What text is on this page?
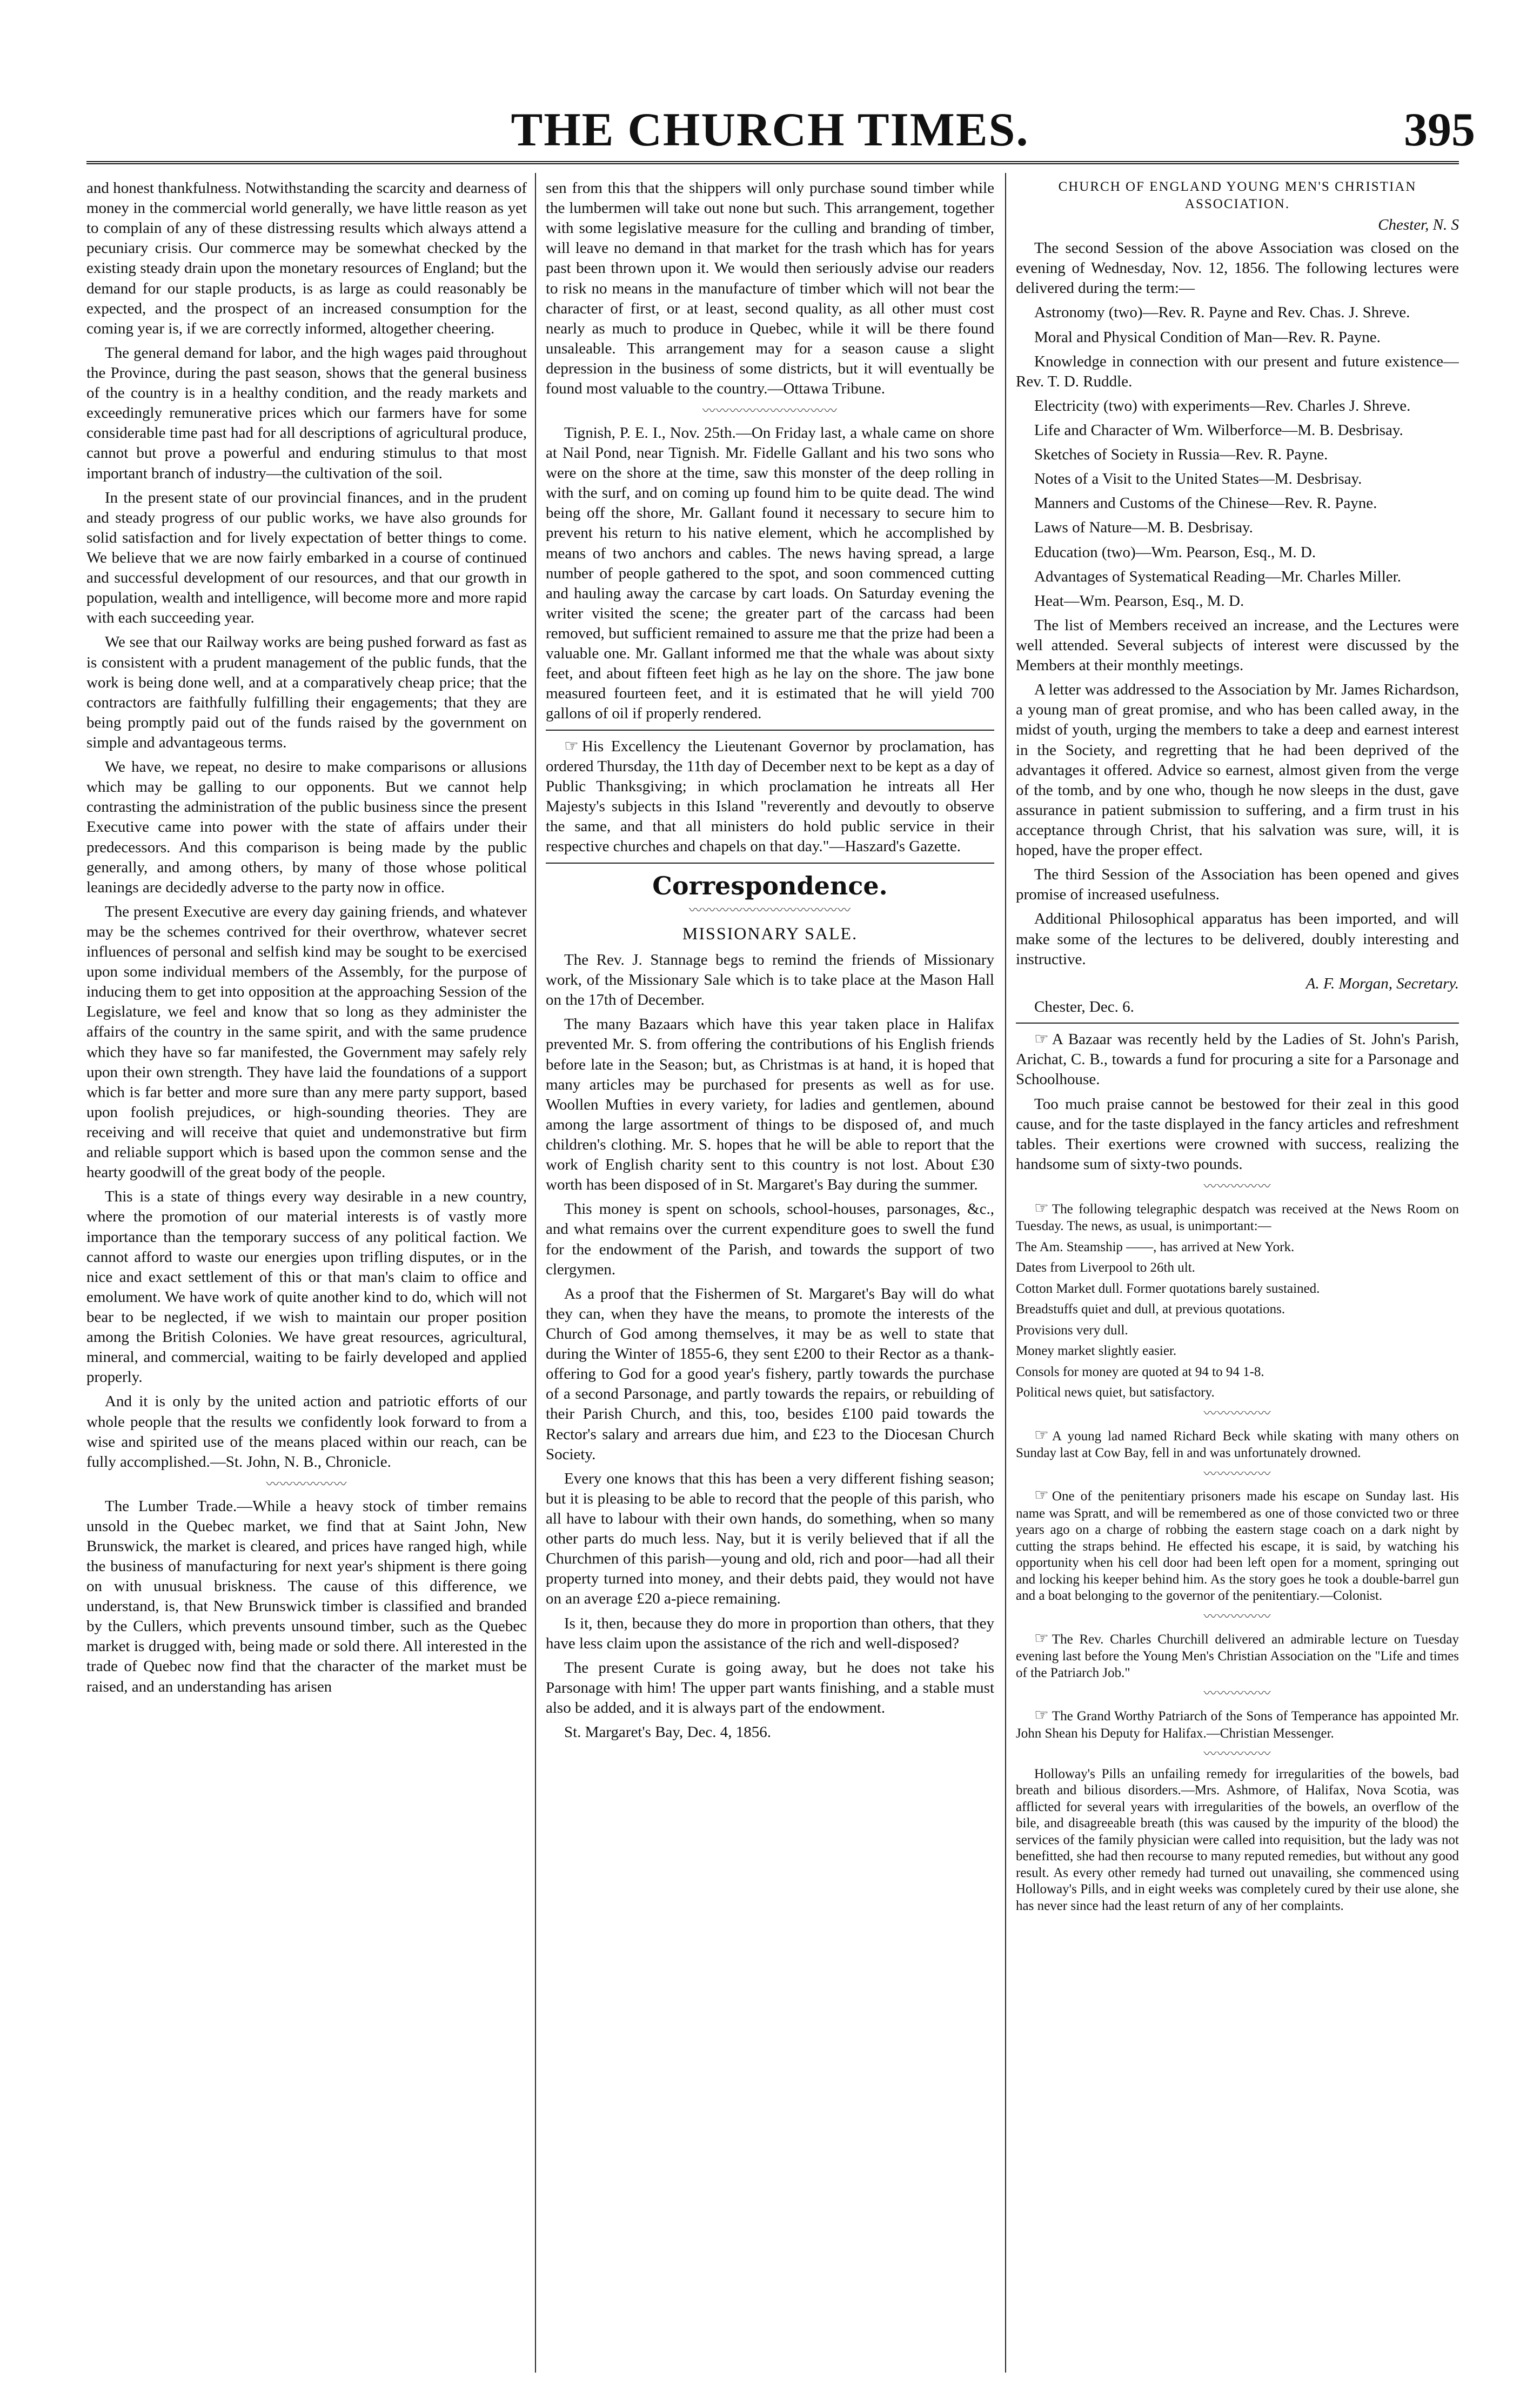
THE CHURCH TIMES.	395

and honest thankfulness. Notwithstanding the scarcity and dearness of money in the commercial world generally, we have little reason as yet to complain of any of these distressing results which always attend a pecuniary crisis. Our commerce may be somewhat checked by the existing steady drain upon the monetary resources of England; but the demand for our staple products, is as large as could reasonably be expected, and the prospect of an increased consumption for the coming year is, if we are correctly informed, altogether cheering.

The general demand for labor, and the high wages paid throughout the Province, during the past season, shows that the general business of the country is in a healthy condition, and the ready markets and exceedingly remunerative prices which our farmers have for some considerable time past had for all descriptions of agricultural produce, cannot but prove a powerful and enduring stimulus to that most important branch of industry—the cultivation of the soil.

In the present state of our provincial finances, and in the prudent and steady progress of our public works, we have also grounds for solid satisfaction and for lively expectation of better things to come. We believe that we are now fairly embarked in a course of continued and successful development of our resources, and that our growth in population, wealth and intelligence, will become more and more rapid with each succeeding year.

We see that our Railway works are being pushed forward as fast as is consistent with a prudent management of the public funds, that the work is being done well, and at a comparatively cheap price; that the contractors are faithfully fulfilling their engagements; that they are being promptly paid out of the funds raised by the government on simple and advantageous terms.

We have, we repeat, no desire to make comparisons or allusions which may be galling to our opponents. But we cannot help contrasting the administration of the public business since the present Executive came into power with the state of affairs under their predecessors. And this comparison is being made by the public generally, and among others, by many of those whose political leanings are decidedly adverse to the party now in office.

The present Executive are every day gaining friends, and whatever may be the schemes contrived for their overthrow, whatever secret influences of personal and selfish kind may be sought to be exercised upon some individual members of the Assembly, for the purpose of inducing them to get into opposition at the approaching Session of the Legislature, we feel and know that so long as they administer the affairs of the country in the same spirit, and with the same prudence which they have so far manifested, the Government may safely rely upon their own strength. They have laid the foundations of a support which is far better and more sure than any mere party support, based upon foolish prejudices, or high-sounding theories. They are receiving and will receive that quiet and undemonstrative but firm and reliable support which is based upon the common sense and the hearty goodwill of the great body of the people.

This is a state of things every way desirable in a new country, where the promotion of our material interests is of vastly more importance than the temporary success of any political faction. We cannot afford to waste our energies upon trifling disputes, or in the nice and exact settlement of this or that man's claim to office and emolument. We have work of quite another kind to do, which will not bear to be neglected, if we wish to maintain our proper position among the British Colonies. We have great resources, agricultural, mineral, and commercial, waiting to be fairly developed and applied properly.

And it is only by the united action and patriotic efforts of our whole people that the results we confidently look forward to from a wise and spirited use of the means placed within our reach, can be fully accomplished.—St. John, N. B., Chronicle.

〰〰〰〰〰〰

The Lumber Trade.—While a heavy stock of timber remains unsold in the Quebec market, we find that at Saint John, New Brunswick, the market is cleared, and prices have ranged high, while the business of manufacturing for next year's shipment is there going on with unusual briskness. The cause of this difference, we understand, is, that New Brunswick timber is classified and branded by the Cullers, which prevents unsound timber, such as the Quebec market is drugged with, being made or sold there. All interested in the trade of Quebec now find that the character of the market must be raised, and an understanding has arisen

sen from this that the shippers will only purchase sound timber while the lumbermen will take out none but such. This arrangement, together with some legislative measure for the culling and branding of timber, will leave no demand in that market for the trash which has for years past been thrown upon it. We would then seriously advise our readers to risk no means in the manufacture of timber which will not bear the character of first, or at least, second quality, as all other must cost nearly as much to produce in Quebec, while it will be there found unsaleable. This arrangement may for a season cause a slight depression in the business of some districts, but it will eventually be found most valuable to the country.—Ottawa Tribune.

〰〰〰〰〰〰〰〰〰〰

Tignish, P. E. I., Nov. 25th.—On Friday last, a whale came on shore at Nail Pond, near Tignish. Mr. Fidelle Gallant and his two sons who were on the shore at the time, saw this monster of the deep rolling in with the surf, and on coming up found him to be quite dead. The wind being off the shore, Mr. Gallant found it necessary to secure him to prevent his return to his native element, which he accomplished by means of two anchors and cables. The news having spread, a large number of people gathered to the spot, and soon commenced cutting and hauling away the carcase by cart loads. On Saturday evening the writer visited the scene; the greater part of the carcass had been removed, but sufficient remained to assure me that the prize had been a valuable one. Mr. Gallant informed me that the whale was about sixty feet, and about fifteen feet high as he lay on the shore. The jaw bone measured fourteen feet, and it is estimated that he will yield 700 gallons of oil if properly rendered.

☞ His Excellency the Lieutenant Governor by proclamation, has ordered Thursday, the 11th day of December next to be kept as a day of Public Thanksgiving; in which proclamation he intreats all Her Majesty's subjects in this Island "reverently and devoutly to observe the same, and that all ministers do hold public service in their respective churches and chapels on that day."—Haszard's Gazette.

Correspondence.
〰〰〰〰〰〰〰〰〰〰〰〰
MISSIONARY SALE.

The Rev. J. Stannage begs to remind the friends of Missionary work, of the Missionary Sale which is to take place at the Mason Hall on the 17th of December.

The many Bazaars which have this year taken place in Halifax prevented Mr. S. from offering the contributions of his English friends before late in the Season; but, as Christmas is at hand, it is hoped that many articles may be purchased for presents as well as for use. Woollen Mufties in every variety, for ladies and gentlemen, abound among the large assortment of things to be disposed of, and much children's clothing. Mr. S. hopes that he will be able to report that the work of English charity sent to this country is not lost. About £30 worth has been disposed of in St. Margaret's Bay during the summer.

This money is spent on schools, school-houses, parsonages, &c., and what remains over the current expenditure goes to swell the fund for the endowment of the Parish, and towards the support of two clergymen.

As a proof that the Fishermen of St. Margaret's Bay will do what they can, when they have the means, to promote the interests of the Church of God among themselves, it may be as well to state that during the Winter of 1855-6, they sent £200 to their Rector as a thank-offering to God for a good year's fishery, partly towards the purchase of a second Parsonage, and partly towards the repairs, or rebuilding of their Parish Church, and this, too, besides £100 paid towards the Rector's salary and arrears due him, and £23 to the Diocesan Church Society.

Every one knows that this has been a very different fishing season; but it is pleasing to be able to record that the people of this parish, who all have to labour with their own hands, do something, when so many other parts do much less. Nay, but it is verily believed that if all the Churchmen of this parish—young and old, rich and poor—had all their property turned into money, and their debts paid, they would not have on an average £20 a-piece remaining.

Is it, then, because they do more in proportion than others, that they have less claim upon the assistance of the rich and well-disposed?

The present Curate is going away, but he does not take his Parsonage with him! The upper part wants finishing, and a stable must also be added, and it is always part of the endowment.

St. Margaret's Bay, Dec. 4, 1856.

CHURCH OF ENGLAND YOUNG MEN'S CHRISTIAN
ASSOCIATION.
Chester, N. S

The second Session of the above Association was closed on the evening of Wednesday, Nov. 12, 1856. The following lectures were delivered during the term:—

Astronomy (two)—Rev. R. Payne and Rev. Chas. J. Shreve.

Moral and Physical Condition of Man—Rev. R. Payne.

Knowledge in connection with our present and future existence—Rev. T. D. Ruddle.

Electricity (two) with experiments—Rev. Charles J. Shreve.

Life and Character of Wm. Wilberforce—M. B. Desbrisay.

Sketches of Society in Russia—Rev. R. Payne.

Notes of a Visit to the United States—M. Desbrisay.

Manners and Customs of the Chinese—Rev. R. Payne.

Laws of Nature—M. B. Desbrisay.

Education (two)—Wm. Pearson, Esq., M. D.

Advantages of Systematical Reading—Mr. Charles Miller.

Heat—Wm. Pearson, Esq., M. D.

The list of Members received an increase, and the Lectures were well attended. Several subjects of interest were discussed by the Members at their monthly meetings.

A letter was addressed to the Association by Mr. James Richardson, a young man of great promise, and who has been called away, in the midst of youth, urging the members to take a deep and earnest interest in the Society, and regretting that he had been deprived of the advantages it offered. Advice so earnest, almost given from the verge of the tomb, and by one who, though he now sleeps in the dust, gave assurance in patient submission to suffering, and a firm trust in his acceptance through Christ, that his salvation was sure, will, it is hoped, have the proper effect.

The third Session of the Association has been opened and gives promise of increased usefulness.

Additional Philosophical apparatus has been imported, and will make some of the lectures to be delivered, doubly interesting and instructive.

A. F. Morgan, Secretary.

Chester, Dec. 6.

☞ A Bazaar was recently held by the Ladies of St. John's Parish, Arichat, C. B., towards a fund for procuring a site for a Parsonage and Schoolhouse.

Too much praise cannot be bestowed for their zeal in this good cause, and for the taste displayed in the fancy articles and refreshment tables. Their exertions were crowned with success, realizing the handsome sum of sixty-two pounds.

〰〰〰〰〰

☞ The following telegraphic despatch was received at the News Room on Tuesday. The news, as usual, is unimportant:—

The Am. Steamship ——, has arrived at New York.

Dates from Liverpool to 26th ult.

Cotton Market dull. Former quotations barely sustained.

Breadstuffs quiet and dull, at previous quotations.

Provisions very dull.

Money market slightly easier.

Consols for money are quoted at 94 to 94 1-8.

Political news quiet, but satisfactory.

〰〰〰〰〰

☞ A young lad named Richard Beck while skating with many others on Sunday last at Cow Bay, fell in and was unfortunately drowned.

〰〰〰〰〰

☞ One of the penitentiary prisoners made his escape on Sunday last. His name was Spratt, and will be remembered as one of those convicted two or three years ago on a charge of robbing the eastern stage coach on a dark night by cutting the straps behind. He effected his escape, it is said, by watching his opportunity when his cell door had been left open for a moment, springing out and locking his keeper behind him. As the story goes he took a double-barrel gun and a boat belonging to the governor of the penitentiary.—Colonist.

〰〰〰〰〰

☞ The Rev. Charles Churchill delivered an admirable lecture on Tuesday evening last before the Young Men's Christian Association on the "Life and times of the Patriarch Job."

〰〰〰〰〰

☞ The Grand Worthy Patriarch of the Sons of Temperance has appointed Mr. John Shean his Deputy for Halifax.—Christian Messenger.

〰〰〰〰〰

Holloway's Pills an unfailing remedy for irregularities of the bowels, bad breath and bilious disorders.—Mrs. Ashmore, of Halifax, Nova Scotia, was afflicted for several years with irregularities of the bowels, an overflow of the bile, and disagreeable breath (this was caused by the impurity of the blood) the services of the family physician were called into requisition, but the lady was not benefitted, she had then recourse to many reputed remedies, but without any good result. As every other remedy had turned out unavailing, she commenced using Holloway's Pills, and in eight weeks was completely cured by their use alone, she has never since had the least return of any of her complaints.
